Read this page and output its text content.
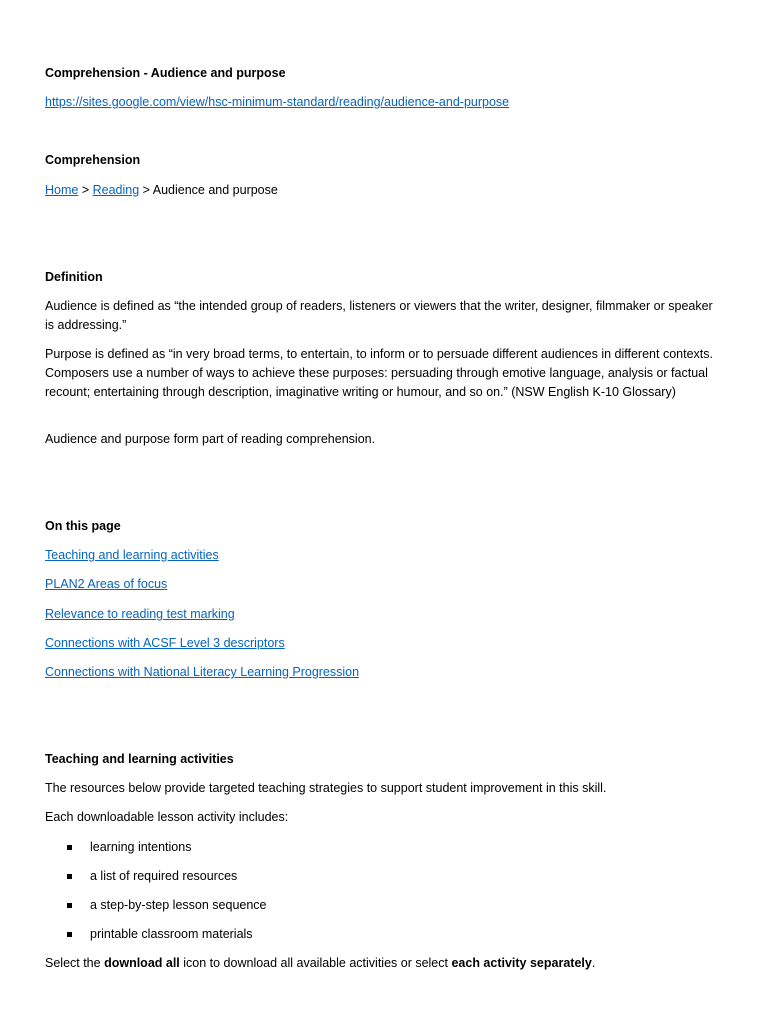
Comprehension - Audience and purpose
https://sites.google.com/view/hsc-minimum-standard/reading/audience-and-purpose
Comprehension
Home > Reading > Audience and purpose
Definition
Audience is defined as “the intended group of readers, listeners or viewers that the writer, designer, filmmaker or speaker is addressing.”
Purpose is defined as “in very broad terms, to entertain, to inform or to persuade different audiences in different contexts. Composers use a number of ways to achieve these purposes: persuading through emotive language, analysis or factual recount; entertaining through description, imaginative writing or humour, and so on.” (NSW English K-10 Glossary)
Audience and purpose form part of reading comprehension.
On this page
Teaching and learning activities
PLAN2 Areas of focus
Relevance to reading test marking
Connections with ACSF Level 3 descriptors
Connections with National Literacy Learning Progression
Teaching and learning activities
The resources below provide targeted teaching strategies to support student improvement in this skill.
Each downloadable lesson activity includes:
learning intentions
a list of required resources
a step-by-step lesson sequence
printable classroom materials
Select the download all icon to download all available activities or select each activity separately.
